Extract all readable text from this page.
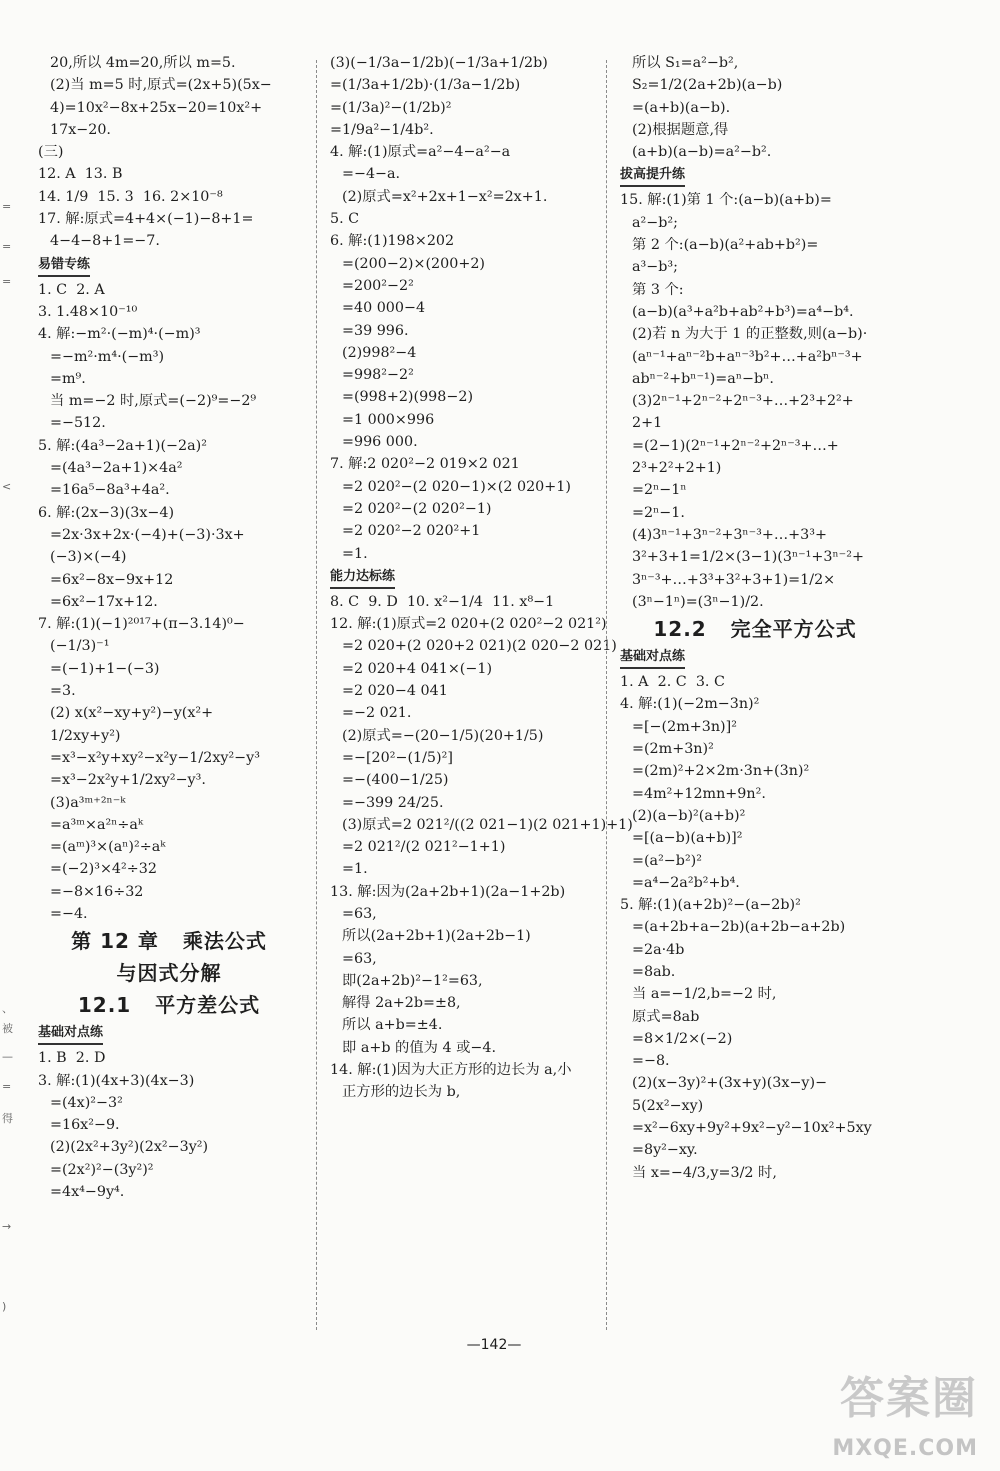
=
=
=
<
、
被
—
=
得
→
)
20,所以 4m=20,所以 m=5.
(2)当 m=5 时,原式=(2x+5)(5x−
4)=10x²−8x+25x−20=10x²+
17x−20.
(三)
12. A  13. B
14. 1/9  15. 3  16. 2×10⁻⁸
17. 解:原式=4+4×(−1)−8+1=
4−4−8+1=−7.
易错专练
1. C  2. A
3. 1.48×10⁻¹⁰
4. 解:−m²·(−m)⁴·(−m)³
=−m²·m⁴·(−m³)
=m⁹.
当 m=−2 时,原式=(−2)⁹=−2⁹
=−512.
5. 解:(4a³−2a+1)(−2a)²
=(4a³−2a+1)×4a²
=16a⁵−8a³+4a².
6. 解:(2x−3)(3x−4)
=2x·3x+2x·(−4)+(−3)·3x+
(−3)×(−4)
=6x²−8x−9x+12
=6x²−17x+12.
7. 解:(1)(−1)²⁰¹⁷+(π−3.14)⁰−
(−1/3)⁻¹
=(−1)+1−(−3)
=3.
(2) x(x²−xy+y²)−y(x²+
1/2xy+y²)
=x³−x²y+xy²−x²y−1/2xy²−y³
=x³−2x²y+1/2xy²−y³.
(3)a³ᵐ⁺²ⁿ⁻ᵏ
=a³ᵐ×a²ⁿ÷aᵏ
=(aᵐ)³×(aⁿ)²÷aᵏ
=(−2)³×4²÷32
=−8×16÷32
=−4.
第 12 章   乘法公式
与因式分解
12.1   平方差公式
基础对点练
1. B  2. D
3. 解:(1)(4x+3)(4x−3)
=(4x)²−3²
=16x²−9.
(2)(2x²+3y²)(2x²−3y²)
=(2x²)²−(3y²)²
=4x⁴−9y⁴.
(3)(−1/3a−1/2b)(−1/3a+1/2b)
=(1/3a+1/2b)·(1/3a−1/2b)
=(1/3a)²−(1/2b)²
=1/9a²−1/4b².
4. 解:(1)原式=a²−4−a²−a
=−4−a.
(2)原式=x²+2x+1−x²=2x+1.
5. C
6. 解:(1)198×202
=(200−2)×(200+2)
=200²−2²
=40 000−4
=39 996.
(2)998²−4
=998²−2²
=(998+2)(998−2)
=1 000×996
=996 000.
7. 解:2 020²−2 019×2 021
=2 020²−(2 020−1)×(2 020+1)
=2 020²−(2 020²−1)
=2 020²−2 020²+1
=1.
能力达标练
8. C  9. D  10. x²−1/4  11. x⁸−1
12. 解:(1)原式=2 020+(2 020²−2 021²)
=2 020+(2 020+2 021)(2 020−2 021)
=2 020+4 041×(−1)
=2 020−4 041
=−2 021.
(2)原式=−(20−1/5)(20+1/5)
=−[20²−(1/5)²]
=−(400−1/25)
=−399 24/25.
(3)原式=2 021²/((2 021−1)(2 021+1)+1)
=2 021²/(2 021²−1+1)
=1.
13. 解:因为(2a+2b+1)(2a−1+2b)
=63,
所以(2a+2b+1)(2a+2b−1)
=63,
即(2a+2b)²−1²=63,
解得 2a+2b=±8,
所以 a+b=±4.
即 a+b 的值为 4 或−4.
14. 解:(1)因为大正方形的边长为 a,小
正方形的边长为 b,
所以 S₁=a²−b²,
S₂=1/2(2a+2b)(a−b)
=(a+b)(a−b).
(2)根据题意,得
(a+b)(a−b)=a²−b².
拔高提升练
15. 解:(1)第 1 个:(a−b)(a+b)=
a²−b²;
第 2 个:(a−b)(a²+ab+b²)=
a³−b³;
第 3 个:
(a−b)(a³+a²b+ab²+b³)=a⁴−b⁴.
(2)若 n 为大于 1 的正整数,则(a−b)·
(aⁿ⁻¹+aⁿ⁻²b+aⁿ⁻³b²+…+a²bⁿ⁻³+
abⁿ⁻²+bⁿ⁻¹)=aⁿ−bⁿ.
(3)2ⁿ⁻¹+2ⁿ⁻²+2ⁿ⁻³+…+2³+2²+
2+1
=(2−1)(2ⁿ⁻¹+2ⁿ⁻²+2ⁿ⁻³+…+
2³+2²+2+1)
=2ⁿ−1ⁿ
=2ⁿ−1.
(4)3ⁿ⁻¹+3ⁿ⁻²+3ⁿ⁻³+…+3³+
3²+3+1=1/2×(3−1)(3ⁿ⁻¹+3ⁿ⁻²+
3ⁿ⁻³+…+3³+3²+3+1)=1/2×
(3ⁿ−1ⁿ)=(3ⁿ−1)/2.
12.2   完全平方公式
基础对点练
1. A  2. C  3. C
4. 解:(1)(−2m−3n)²
=[−(2m+3n)]²
=(2m+3n)²
=(2m)²+2×2m·3n+(3n)²
=4m²+12mn+9n².
(2)(a−b)²(a+b)²
=[(a−b)(a+b)]²
=(a²−b²)²
=a⁴−2a²b²+b⁴.
5. 解:(1)(a+2b)²−(a−2b)²
=(a+2b+a−2b)(a+2b−a+2b)
=2a·4b
=8ab.
当 a=−1/2,b=−2 时,
原式=8ab
=8×1/2×(−2)
=−8.
(2)(x−3y)²+(3x+y)(3x−y)−
5(2x²−xy)
=x²−6xy+9y²+9x²−y²−10x²+5xy
=8y²−xy.
当 x=−4/3,y=3/2 时,
—142—
答案圈
MXQE.COM
